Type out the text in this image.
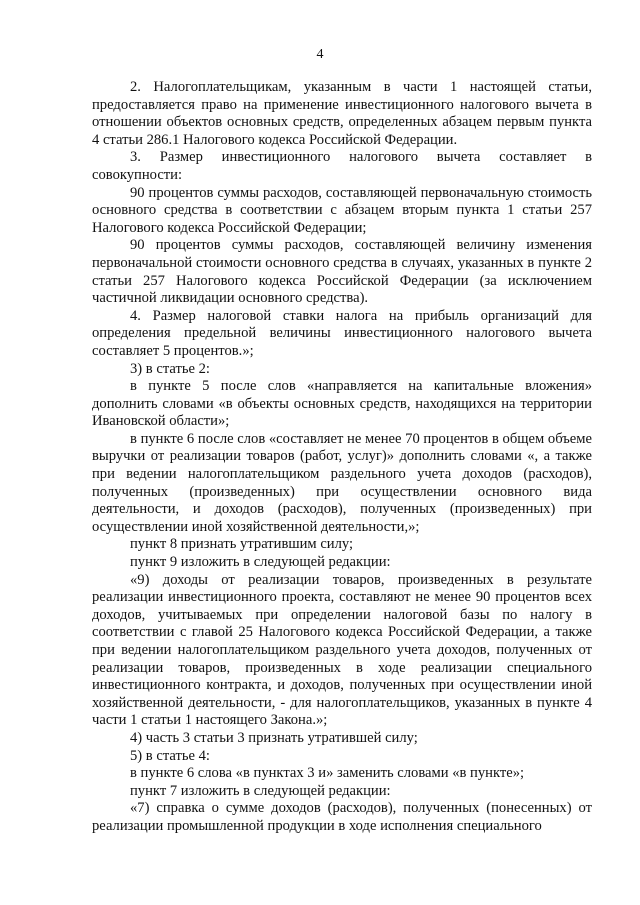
4

2. Налогоплательщикам, указанным в части 1 настоящей статьи, предоставляется право на применение инвестиционного налогового вычета в отношении объектов основных средств, определенных абзацем первым пункта 4 статьи 286.1 Налогового кодекса Российской Федерации.

3. Размер инвестиционного налогового вычета составляет в совокупности:

90 процентов суммы расходов, составляющей первоначальную стоимость основного средства в соответствии с абзацем вторым пункта 1 статьи 257 Налогового кодекса Российской Федерации;

90 процентов суммы расходов, составляющей величину изменения первоначальной стоимости основного средства в случаях, указанных в пункте 2 статьи 257 Налогового кодекса Российской Федерации (за исключением частичной ликвидации основного средства).

4. Размер налоговой ставки налога на прибыль организаций для определения предельной величины инвестиционного налогового вычета составляет 5 процентов.»;

3) в статье 2:

в пункте 5 после слов «направляется на капитальные вложения» дополнить словами «в объекты основных средств, находящихся на территории Ивановской области»;

в пункте 6 после слов «составляет не менее 70 процентов в общем объеме выручки от реализации товаров (работ, услуг)» дополнить словами «, а также при ведении налогоплательщиком раздельного учета доходов (расходов), полученных (произведенных) при осуществлении основного вида деятельности, и доходов (расходов), полученных (произведенных) при осуществлении иной хозяйственной деятельности,»;

пункт 8 признать утратившим силу;

пункт 9 изложить в следующей редакции:

«9) доходы от реализации товаров, произведенных в результате реализации инвестиционного проекта, составляют не менее 90 процентов всех доходов, учитываемых при определении налоговой базы по налогу в соответствии с главой 25 Налогового кодекса Российской Федерации, а также при ведении налогоплательщиком раздельного учета доходов, полученных от реализации товаров, произведенных в ходе реализации специального инвестиционного контракта, и доходов, полученных при осуществлении иной хозяйственной деятельности, - для налогоплательщиков, указанных в пункте 4 части 1 статьи 1 настоящего Закона.»;

4) часть 3 статьи 3 признать утратившей силу;

5) в статье 4:

в пункте 6 слова «в пунктах 3 и» заменить словами «в пункте»;

пункт 7 изложить в следующей редакции:

«7) справка о сумме доходов (расходов), полученных (понесенных) от реализации промышленной продукции в ходе исполнения специального
